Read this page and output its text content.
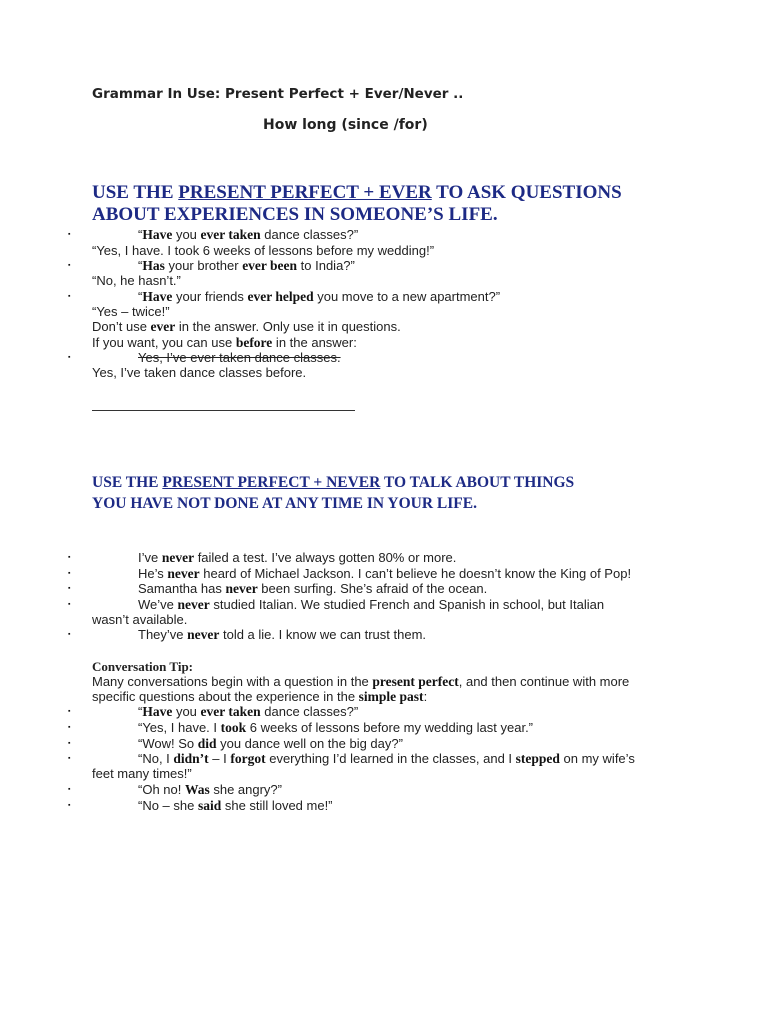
Grammar In Use: Present Perfect + Ever/Never ..
How long (since /for)
USE THE PRESENT PERFECT + EVER TO ASK QUESTIONS
ABOUT EXPERIENCES IN SOMEONE’S LIFE.
▪	“Have you ever taken dance classes?”
“Yes, I have. I took 6 weeks of lessons before my wedding!”
▪	“Has your brother ever been to India?”
“No, he hasn’t.”
▪	“Have your friends ever helped you move to a new apartment?”
“Yes – twice!”
Don’t use ever in the answer. Only use it in questions.
If you want, you can use before in the answer:
▪	Yes, I’ve ever taken dance classes.
Yes, I’ve taken dance classes before.
USE THE PRESENT PERFECT + NEVER TO TALK ABOUT THINGS
YOU HAVE NOT DONE AT ANY TIME IN YOUR LIFE.
▪	I’ve never failed a test. I’ve always gotten 80% or more.
▪	He’s never heard of Michael Jackson. I can’t believe he doesn’t know the King of Pop!
▪	Samantha has never been surfing. She’s afraid of the ocean.
▪	We’ve never studied Italian. We studied French and Spanish in school, but Italian
wasn’t available.
▪	They’ve never told a lie. I know we can trust them.
Conversation Tip:
Many conversations begin with a question in the present perfect, and then continue with more
specific questions about the experience in the simple past:
▪	“Have you ever taken dance classes?”
▪	“Yes, I have. I took 6 weeks of lessons before my wedding last year.”
▪	“Wow! So did you dance well on the big day?”
▪	“No, I didn’t – I forgot everything I’d learned in the classes, and I stepped on my wife’s
feet many times!”
▪	“Oh no! Was she angry?”
▪	“No – she said she still loved me!”
